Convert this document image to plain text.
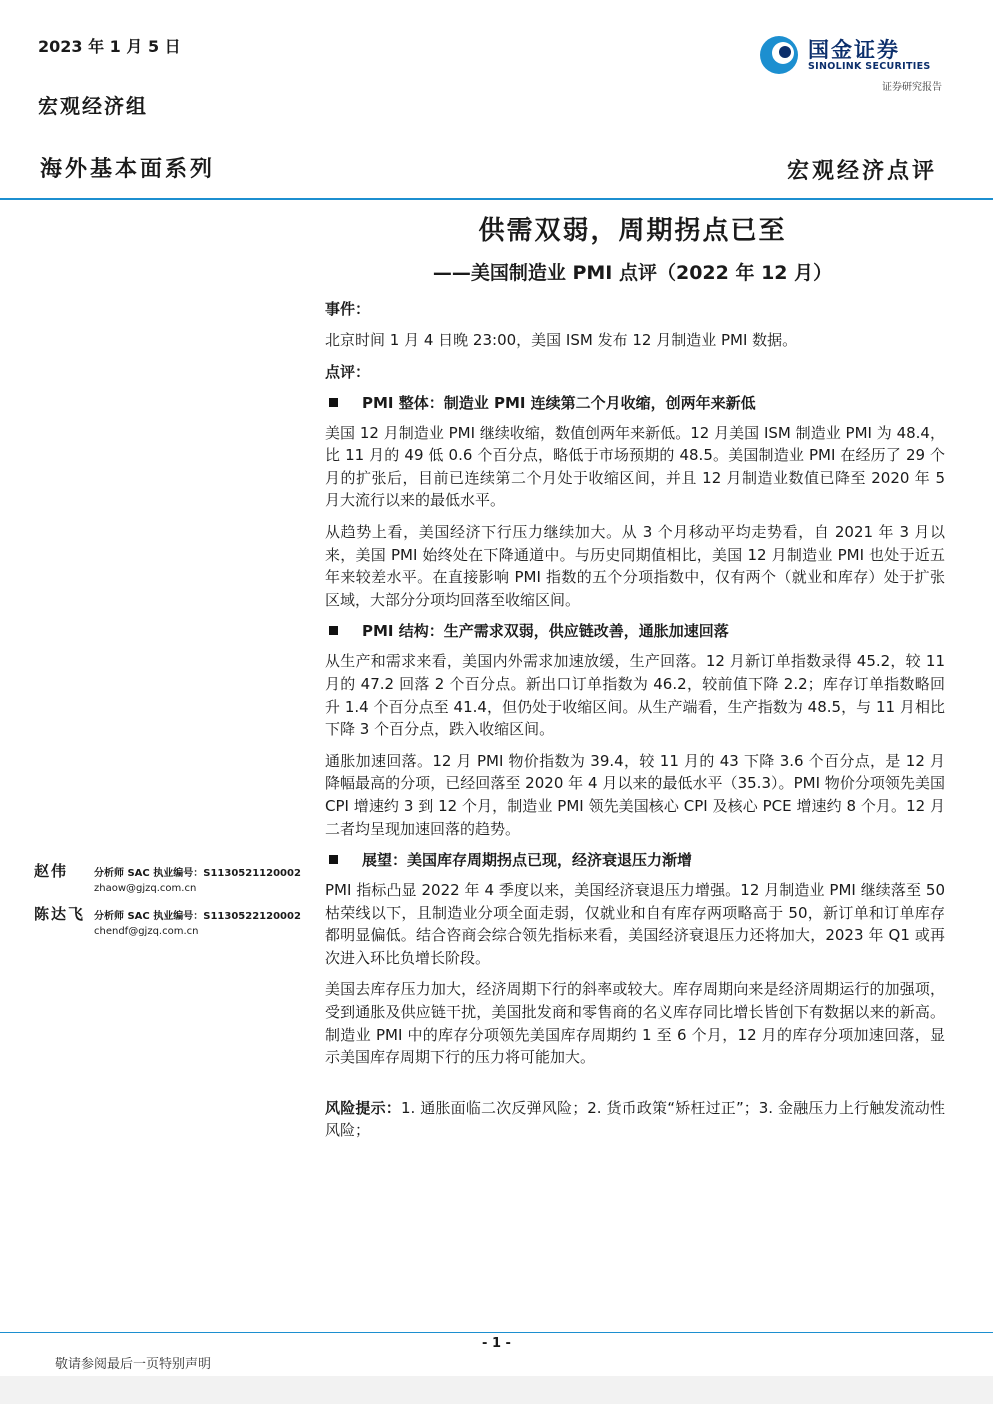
2023 年 1 月 5 日
宏观经济组
海外基本面系列	宏观经济点评
国金证券
SINOLINK SECURITIES
证券研究报告
供需双弱，周期拐点已至
——美国制造业 PMI 点评（2022 年 12 月）
事件：
北京时间 1 月 4 日晚 23:00，美国 ISM 发布 12 月制造业 PMI 数据。
点评：
PMI 整体：制造业 PMI 连续第二个月收缩，创两年来新低
美国 12 月制造业 PMI 继续收缩，数值创两年来新低。12 月美国 ISM 制造业 PMI 为 48.4，比 11 月的 49 低 0.6 个百分点，略低于市场预期的 48.5。美国制造业 PMI 在经历了 29 个月的扩张后，目前已连续第二个月处于收缩区间，并且 12 月制造业数值已降至 2020 年 5 月大流行以来的最低水平。
从趋势上看，美国经济下行压力继续加大。从 3 个月移动平均走势看，自 2021 年 3 月以来，美国 PMI 始终处在下降通道中。与历史同期值相比，美国 12 月制造业 PMI 也处于近五年来较差水平。在直接影响 PMI 指数的五个分项指数中，仅有两个（就业和库存）处于扩张区域，大部分分项均回落至收缩区间。
PMI 结构：生产需求双弱，供应链改善，通胀加速回落
从生产和需求来看，美国内外需求加速放缓，生产回落。12 月新订单指数录得 45.2，较 11 月的 47.2 回落 2 个百分点。新出口订单指数为 46.2，较前值下降 2.2；库存订单指数略回升 1.4 个百分点至 41.4，但仍处于收缩区间。从生产端看，生产指数为 48.5，与 11 月相比下降 3 个百分点，跌入收缩区间。
通胀加速回落。12 月 PMI 物价指数为 39.4，较 11 月的 43 下降 3.6 个百分点，是 12 月降幅最高的分项，已经回落至 2020 年 4 月以来的最低水平（35.3）。PMI 物价分项领先美国 CPI 增速约 3 到 12 个月，制造业 PMI 领先美国核心 CPI 及核心 PCE 增速约 8 个月。12 月二者均呈现加速回落的趋势。
展望：美国库存周期拐点已现，经济衰退压力渐增
PMI 指标凸显 2022 年 4 季度以来，美国经济衰退压力增强。12 月制造业 PMI 继续落至 50 枯荣线以下，且制造业分项全面走弱，仅就业和自有库存两项略高于 50，新订单和订单库存都明显偏低。结合咨商会综合领先指标来看，美国经济衰退压力还将加大，2023 年 Q1 或再次进入环比负增长阶段。
美国去库存压力加大，经济周期下行的斜率或较大。库存周期向来是经济周期运行的加强项，受到通胀及供应链干扰，美国批发商和零售商的名义库存同比增长皆创下有数据以来的新高。制造业 PMI 中的库存分项领先美国库存周期约 1 至 6 个月，12 月的库存分项加速回落，显示美国库存周期下行的压力将可能加大。
风险提示：1. 通胀面临二次反弹风险；2. 货币政策“矫枉过正”；3. 金融压力上行触发流动性风险；
赵伟	分析师 SAC 执业编号：S1130521120002
zhaow@gjzq.com.cn
陈达飞 分析师 SAC 执业编号：S1130522120002
chendf@gjzq.com.cn
- 1 -
敬请参阅最后一页特别声明
